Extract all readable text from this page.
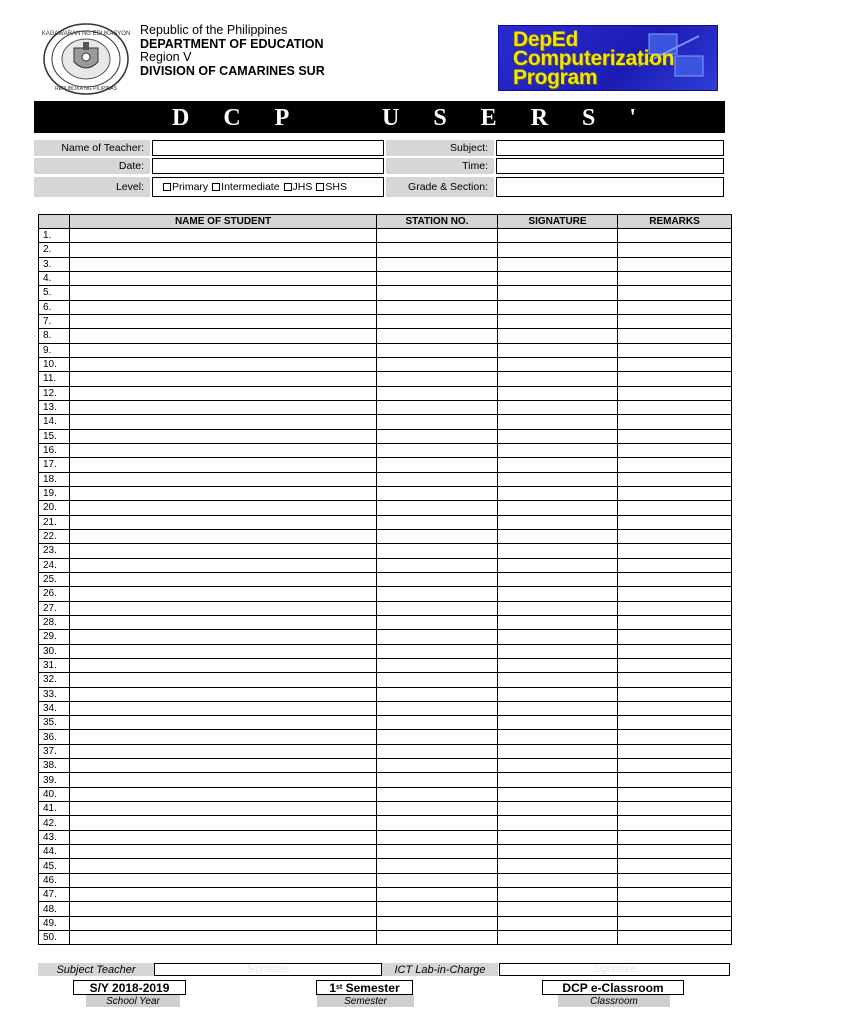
KAGAWARAN NG EDUKASYON
REPUBLIKA NG PILIPINAS
Republic of the Philippines
DEPARTMENT OF EDUCATION
Region V
DIVISION OF CAMARINES SUR
DepEd
Computerization
Program
D C P    U S E R S '    L O G
Name of Teacher:	Subject:
Date:	Time:
Level:	Primary	Intermediate	JHS	SHS	Grade & Section:
	NAME OF STUDENT	STATION NO.	SIGNATURE	REMARKS
1.				
2.				
3.				
4.				
5.				
6.				
7.				
8.				
9.				
10.				
11.				
12.				
13.				
14.				
15.				
16.				
17.				
18.				
19.				
20.				
21.				
22.				
23.				
24.				
25.				
26.				
27.				
28.				
29.				
30.				
31.				
32.				
33.				
34.				
35.				
36.				
37.				
38.				
39.				
40.				
41.				
42.				
43.				
44.				
45.				
46.				
47.				
48.				
49.				
50.				
Subject Teacher	Signature	ICT Lab-in-Charge	Signature
S/Y 2018-2019
School Year
1 st Semester
Semester
DCP e-Classroom
Classroom
